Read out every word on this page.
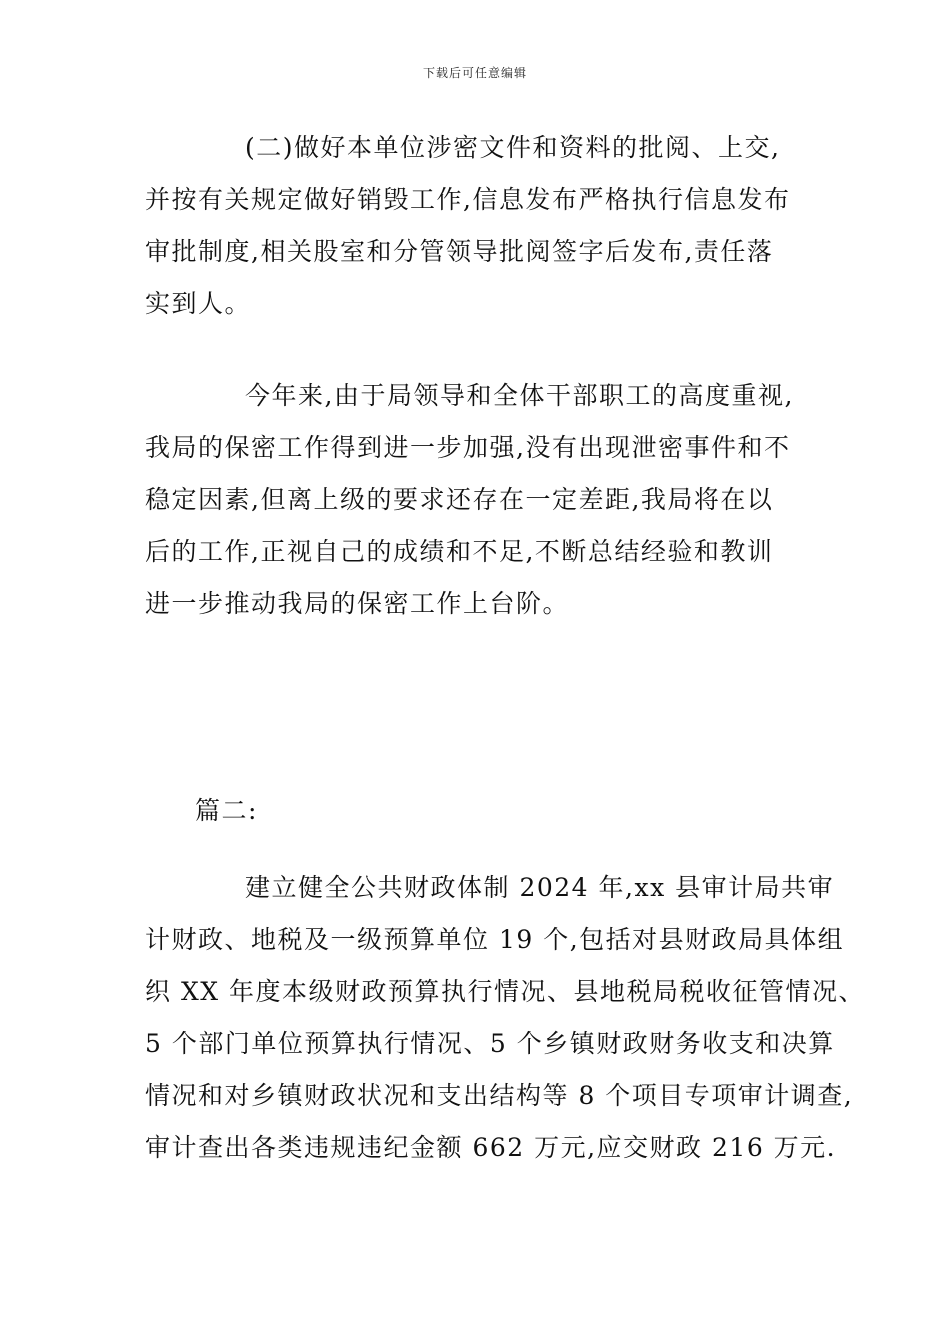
下载后可任意编辑
(二)做好本单位涉密文件和资料的批阅、上交,
并按有关规定做好销毁工作,信息发布严格执行信息发布
审批制度,相关股室和分管领导批阅签字后发布,责任落
实到人。
今年来,由于局领导和全体干部职工的高度重视,
我局的保密工作得到进一步加强,没有出现泄密事件和不
稳定因素,但离上级的要求还存在一定差距,我局将在以
后的工作,正视自己的成绩和不足,不断总结经验和教训
进一步推动我局的保密工作上台阶。
篇二:
建立健全公共财政体制 2024 年,xx 县审计局共审
计财政、地税及一级预算单位 19 个,包括对县财政局具体组
织 XX 年度本级财政预算执行情况、县地税局税收征管情况、
5 个部门单位预算执行情况、5 个乡镇财政财务收支和决算
情况和对乡镇财政状况和支出结构等 8 个项目专项审计调查,
审计查出各类违规违纪金额 662 万元,应交财政 216 万元.
